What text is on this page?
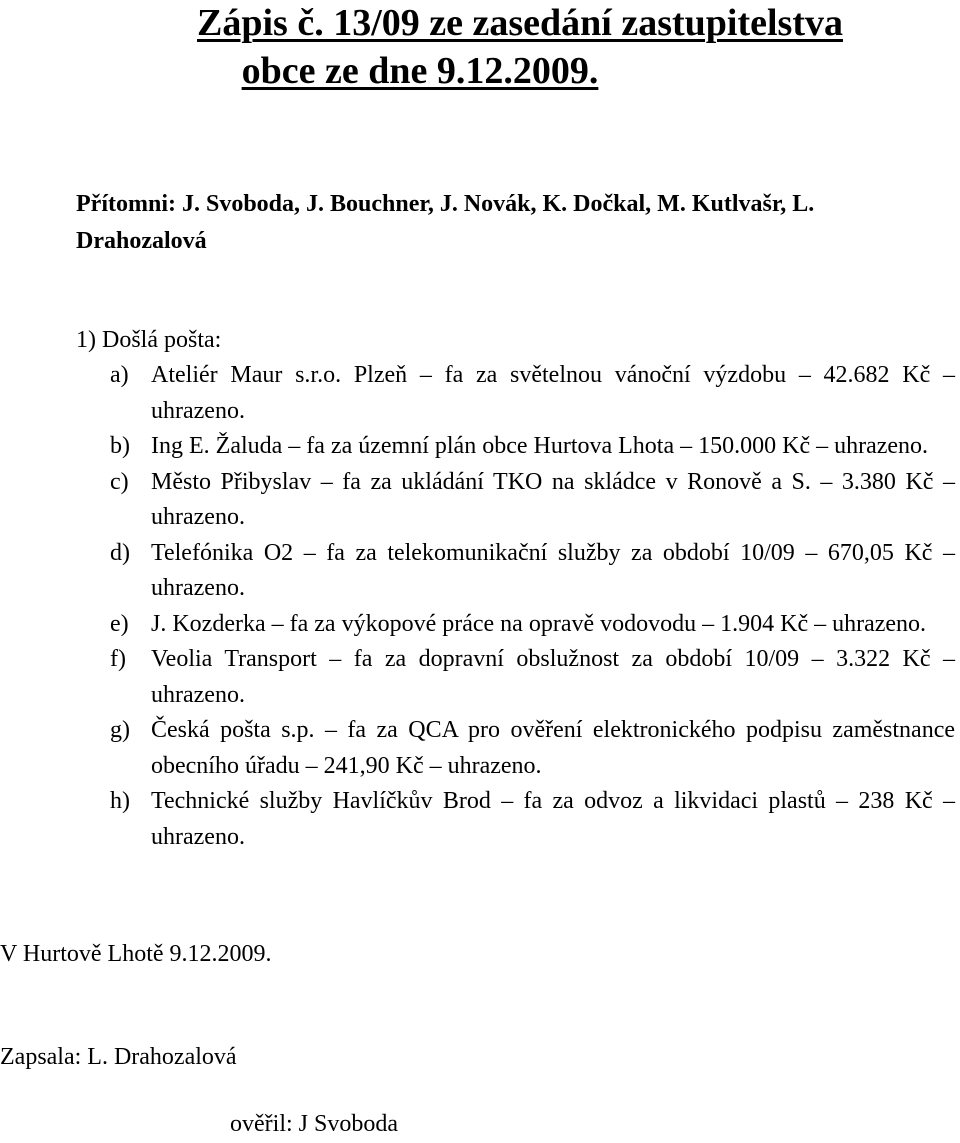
Zápis č. 13/09 ze zasedání zastupitelstva
obce ze dne 9.12.2009.

Přítomni: J. Svoboda, J. Bouchner, J. Novák, K. Dočkal, M. Kutlvašr, L. Drahozalová

1) Došlá pošta:

a) Ateliér Maur s.r.o. Plzeň – fa za světelnou vánoční výzdobu – 42.682 Kč – uhrazeno.
b) Ing E. Žaluda – fa za územní plán obce Hurtova Lhota – 150.000 Kč – uhrazeno.
c) Město Přibyslav – fa za ukládání TKO na skládce v Ronově a S. – 3.380 Kč – uhrazeno.
d) Telefónika O2 – fa za telekomunikační služby za období 10/09 – 670,05 Kč – uhrazeno.
e) J. Kozderka – fa za výkopové práce na opravě vodovodu – 1.904 Kč – uhrazeno.
f) Veolia Transport – fa za dopravní obslužnost za období 10/09 – 3.322 Kč – uhrazeno.
g) Česká pošta s.p. – fa za QCA pro ověření elektronického podpisu zaměstnance obecního úřadu – 241,90 Kč – uhrazeno.
h) Technické služby Havlíčkův Brod – fa za odvoz a likvidaci plastů – 238 Kč – uhrazeno.

V Hurtově Lhotě 9.12.2009.

Zapsala: L. Drahozalová

ověřil: J Svoboda
